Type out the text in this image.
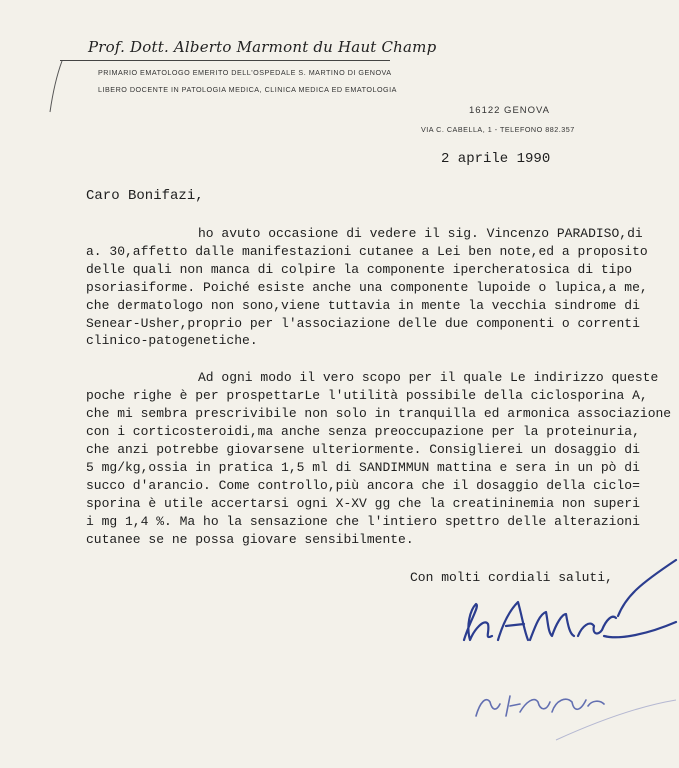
Prof. Dott. Alberto Marmont du Haut Champ
PRIMARIO EMATOLOGO EMERITO DELL'OSPEDALE S. MARTINO DI GENOVA
LIBERO DOCENTE IN PATOLOGIA MEDICA, CLINICA MEDICA ED EMATOLOGIA
16122 GENOVA
VIA C. CABELLA, 1 - TELEFONO 882.357
2 aprile 1990
Caro Bonifazi,
ho avuto occasione di vedere il sig. Vincenzo PARADISO,di
a. 30,affetto dalle manifestazioni cutanee a Lei ben note,ed a proposito
delle quali non manca di colpire la componente ipercheratosica di tipo
psoriasiforme. Poiché esiste anche una componente lupoide o lupica,a me,
che dermatologo non sono,viene tuttavia in mente la vecchia sindrome di
Senear-Usher,proprio per l'associazione delle due componenti o correnti
clinico-patogenetiche.
Ad ogni modo il vero scopo per il quale Le indirizzo queste
poche righe è per prospettarLe l'utilità possibile della ciclosporina A,
che mi sembra prescrivibile non solo in tranquilla ed armonica associazione
con i corticosteroidi,ma anche senza preoccupazione per la proteinuria,
che anzi potrebbe giovarsene ulteriormente. Consiglierei un dosaggio di
5 mg/kg,ossia in pratica 1,5 ml di SANDIMMUN mattina e sera in un pò di
succo d'arancio. Come controllo,più ancora che il dosaggio della ciclo=
sporina è utile accertarsi ogni X-XV gg che la creatininemia non superi
i mg 1,4 %. Ma ho la sensazione che l'intiero spettro delle alterazioni
cutanee se ne possa giovare sensibilmente.
Con molti cordiali saluti,
